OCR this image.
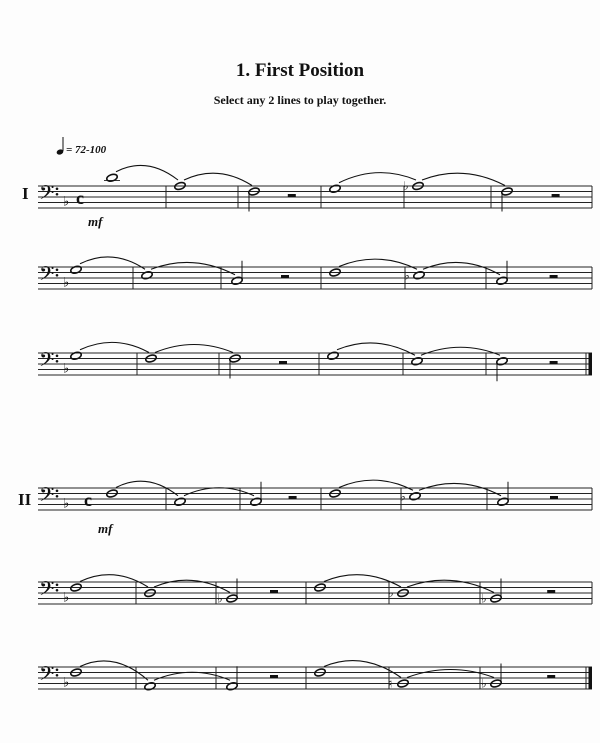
1. First Position
Select any 2 lines to play together.
= 72-100
I
mf
II
mf
𝄢 ♭ c
♭
𝄢 ♭
♭
𝄢 ♭
𝄢 ♭ c	♭
𝄢 ♭	♭	♭	♭
𝄢 ♭	♮	♭
